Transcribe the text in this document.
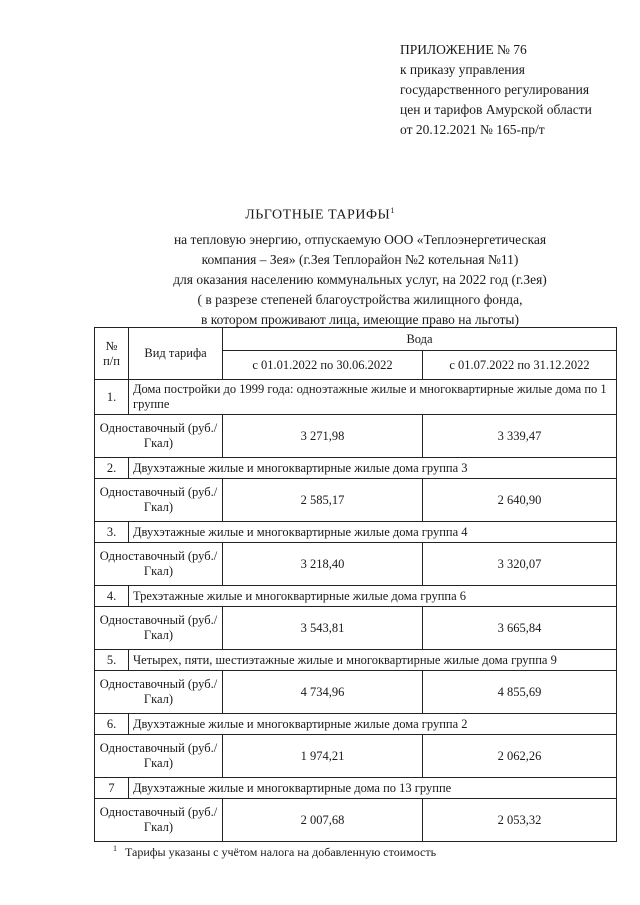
ПРИЛОЖЕНИЕ № 76
к приказу управления
государственного регулирования
цен и тарифов Амурской области
от 20.12.2021 № 165-пр/т
ЛЬГОТНЫЕ ТАРИФЫ$^1$
на тепловую энергию, отпускаемую ООО «Теплоэнергетическая
компания – Зея» (г.Зея Теплорайон №2 котельная №11)
для оказания населению коммунальных услуг, на 2022 год (г.Зея)
( в разрезе степеней благоустройства жилищного фонда,
в котором проживают лица, имеющие право на льготы)
№ п/п	Вид тарифа	Вода	
		с 01.01.2022 по 30.06.2022	с 01.07.2022 по 31.12.2022
1.	Дома постройки до 1999 года: одноэтажные жилые и многоквартирные жилые дома по 1 группе		
Одноставочный (руб./Гкал)		3 271,98	3 339,47
2.	Двухэтажные жилые и многоквартирные жилые дома группа 3		
Одноставочный (руб./Гкал)		2 585,17	2 640,90
3.	Двухэтажные жилые и многоквартирные жилые дома группа 4		
Одноставочный (руб./Гкал)		3 218,40	3 320,07
4.	Трехэтажные жилые и многоквартирные жилые дома группа 6		
Одноставочный (руб./Гкал)		3 543,81	3 665,84
5.	Четырех, пяти, шестиэтажные жилые и многоквартирные жилые дома группа 9		
Одноставочный (руб./Гкал)		4 734,96	4 855,69
6.	Двухэтажные жилые и многоквартирные жилые дома группа 2		
Одноставочный (руб./Гкал)		1 974,21	2 062,26
7	Двухэтажные жилые и многоквартирные дома по 13 группе		
Одноставочный (руб./Гкал)		2 007,68	2 053,32
$^1$ Тарифы указаны с учётом налога на добавленную стоимость
